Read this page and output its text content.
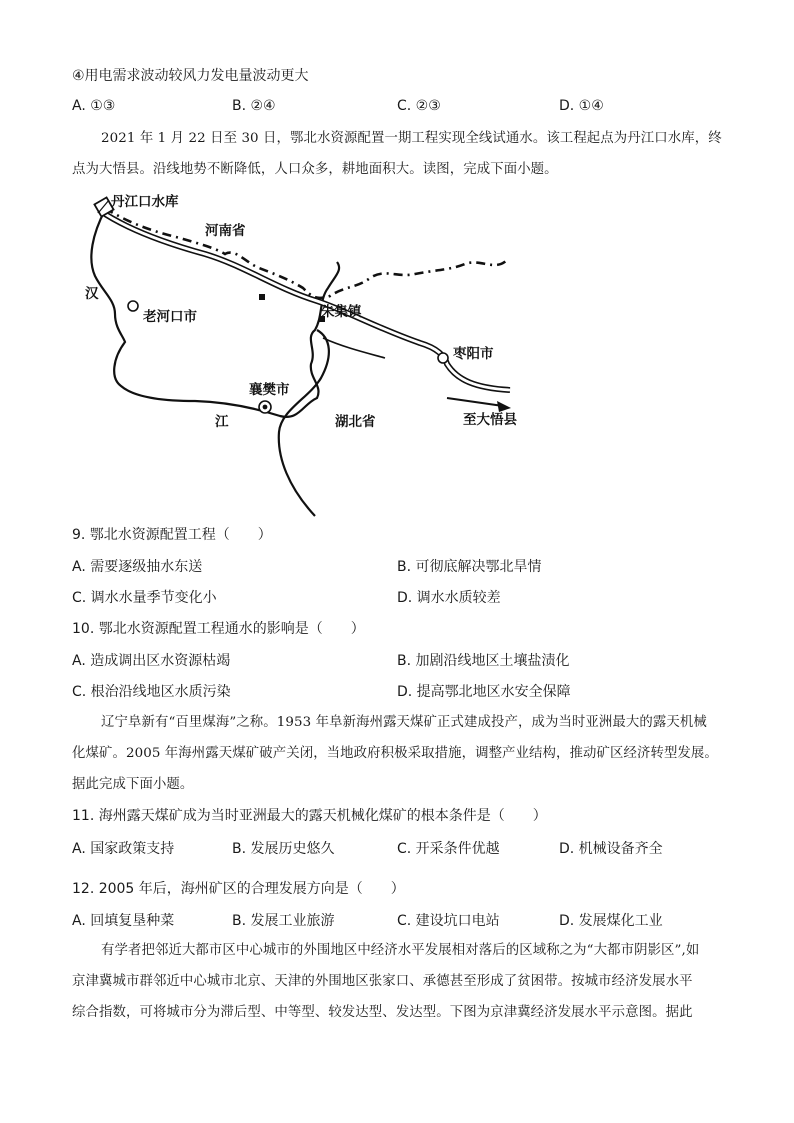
④用电需求波动较风力发电量波动更大
A. ①③	B. ②④	C. ②③	D. ①④
2021 年 1 月 22 日至 30 日，鄂北水资源配置一期工程实现全线试通水。该工程起点为丹江口水库，终
点为大悟县。沿线地势不断降低，人口众多，耕地面积大。读图，完成下面小题。
丹江口水库
河南省
汉
老河口市	朱集镇
枣阳市
襄樊市
江	湖北省	至大悟县
9. 鄂北水资源配置工程（　　）
A. 需要逐级抽水东送	B. 可彻底解决鄂北旱情
C. 调水水量季节变化小	D. 调水水质较差
10. 鄂北水资源配置工程通水的影响是（　　）
A. 造成调出区水资源枯竭	B. 加剧沿线地区土壤盐渍化
C. 根治沿线地区水质污染	D. 提高鄂北地区水安全保障
辽宁阜新有“百里煤海”之称。1953 年阜新海州露天煤矿正式建成投产，成为当时亚洲最大的露天机械
化煤矿。2005 年海州露天煤矿破产关闭，当地政府积极采取措施，调整产业结构，推动矿区经济转型发展。
据此完成下面小题。
11. 海州露天煤矿成为当时亚洲最大的露天机械化煤矿的根本条件是（　　）
A. 国家政策支持	B. 发展历史悠久	C. 开采条件优越	D. 机械设备齐全
12. 2005 年后，海州矿区的合理发展方向是（　　）
A. 回填复垦种菜	B. 发展工业旅游	C. 建设坑口电站	D. 发展煤化工业
有学者把邻近大都市区中心城市的外围地区中经济水平发展相对落后的区域称之为“大都市阴影区”,如
京津冀城市群邻近中心城市北京、天津的外围地区张家口、承德甚至形成了贫困带。按城市经济发展水平
综合指数，可将城市分为滞后型、中等型、较发达型、发达型。下图为京津冀经济发展水平示意图。据此
